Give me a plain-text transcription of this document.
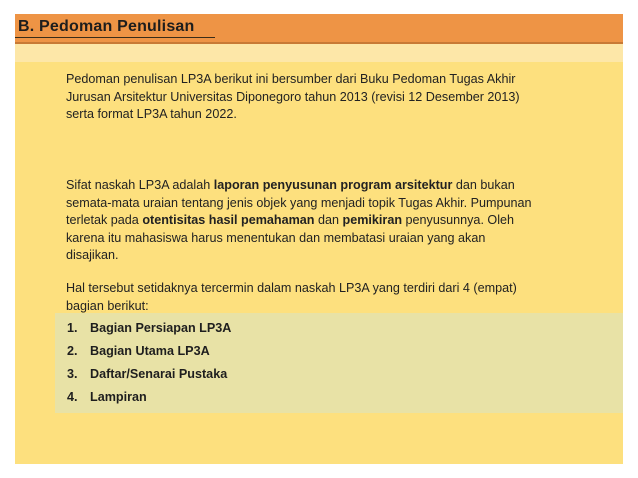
B. Pedoman Penulisan

Pedoman penulisan LP3A berikut ini bersumber dari Buku Pedoman Tugas Akhir Jurusan Arsitektur Universitas Diponegoro tahun 2013 (revisi 12 Desember 2013) serta format LP3A tahun 2022.

Sifat naskah LP3A adalah laporan penyusunan program arsitektur dan bukan semata-mata uraian tentang jenis objek yang menjadi topik Tugas Akhir. Pumpunan terletak pada otentisitas hasil pemahaman dan pemikiran penyusunnya. Oleh karena itu mahasiswa harus menentukan dan membatasi uraian yang akan disajikan.

Hal tersebut setidaknya tercermin dalam naskah LP3A yang terdiri dari 4 (empat) bagian berikut:

1. Bagian Persiapan LP3A
2. Bagian Utama LP3A
3. Daftar/Senarai Pustaka
4. Lampiran
